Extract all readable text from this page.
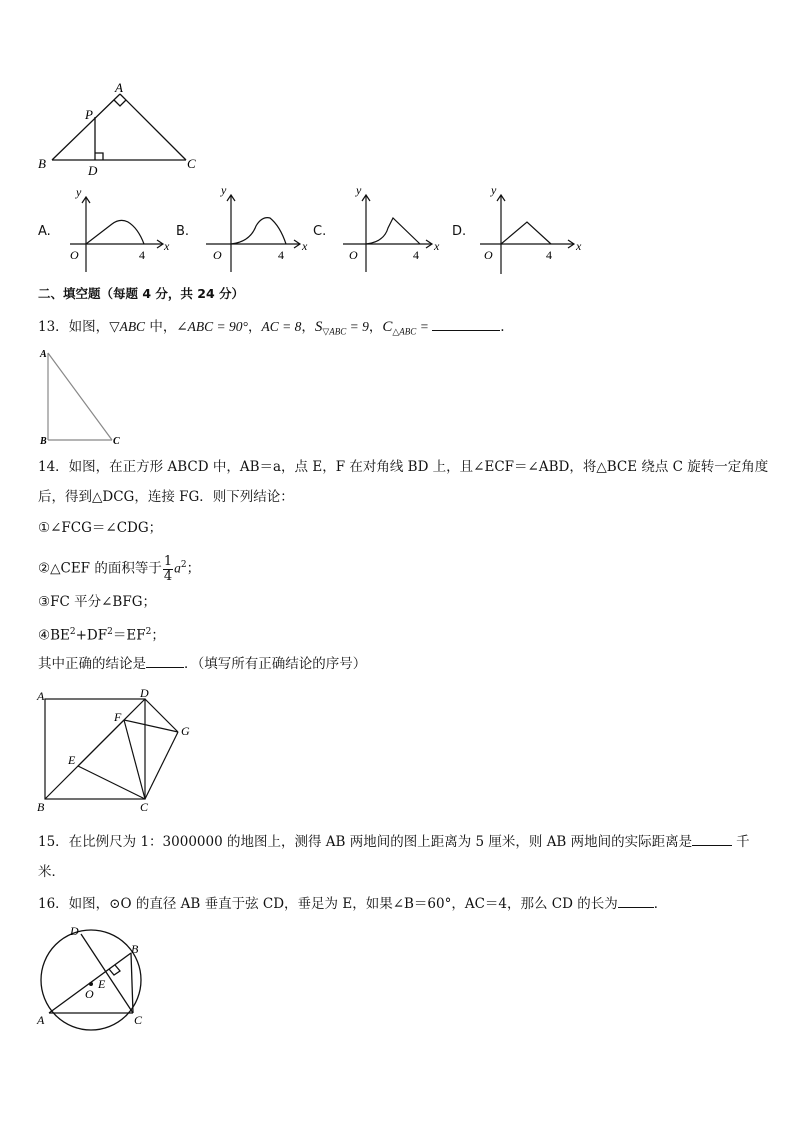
A
P
B	D	C
A.
y
x
O	4
B.
y
x
O	4
C.
y
x
O	4
D.
y
x
O	4
二、填空题（每题 4 分，共 24 分）
13．如图，▽ABC 中，∠ABC = 90°，AC = 8，$S_{▽ABC} = 9$，$C_{\triangle ABC}$ =	.
A
B	C
14．如图，在正方形 ABCD 中，AB＝a，点 E，F 在对角线 BD 上，且∠ECF＝∠ABD，将△BCE 绕点 C 旋转一定角度
后，得到△DCG，连接 FG．则下列结论：
①∠FCG＝∠CDG；
②△CEF 的面积等于 $\frac{1}{4} a^2$；
③FC 平分∠BFG；
$④BE^2+DF^2=EF^2$；
其中正确的结论是	．（填写所有正确结论的序号）
A	D
F
G
E
B	C
15．在比例尺为 1：3000000 的地图上，测得 AB 两地间的图上距离为 5 厘米，则 AB 两地间的实际距离是	千
米．
16．如图，⊙O 的直径 AB 垂直于弦 CD，垂足为 E，如果∠B＝60°，AC＝4，那么 CD 的长为	．
D
B
E
O
A	C
